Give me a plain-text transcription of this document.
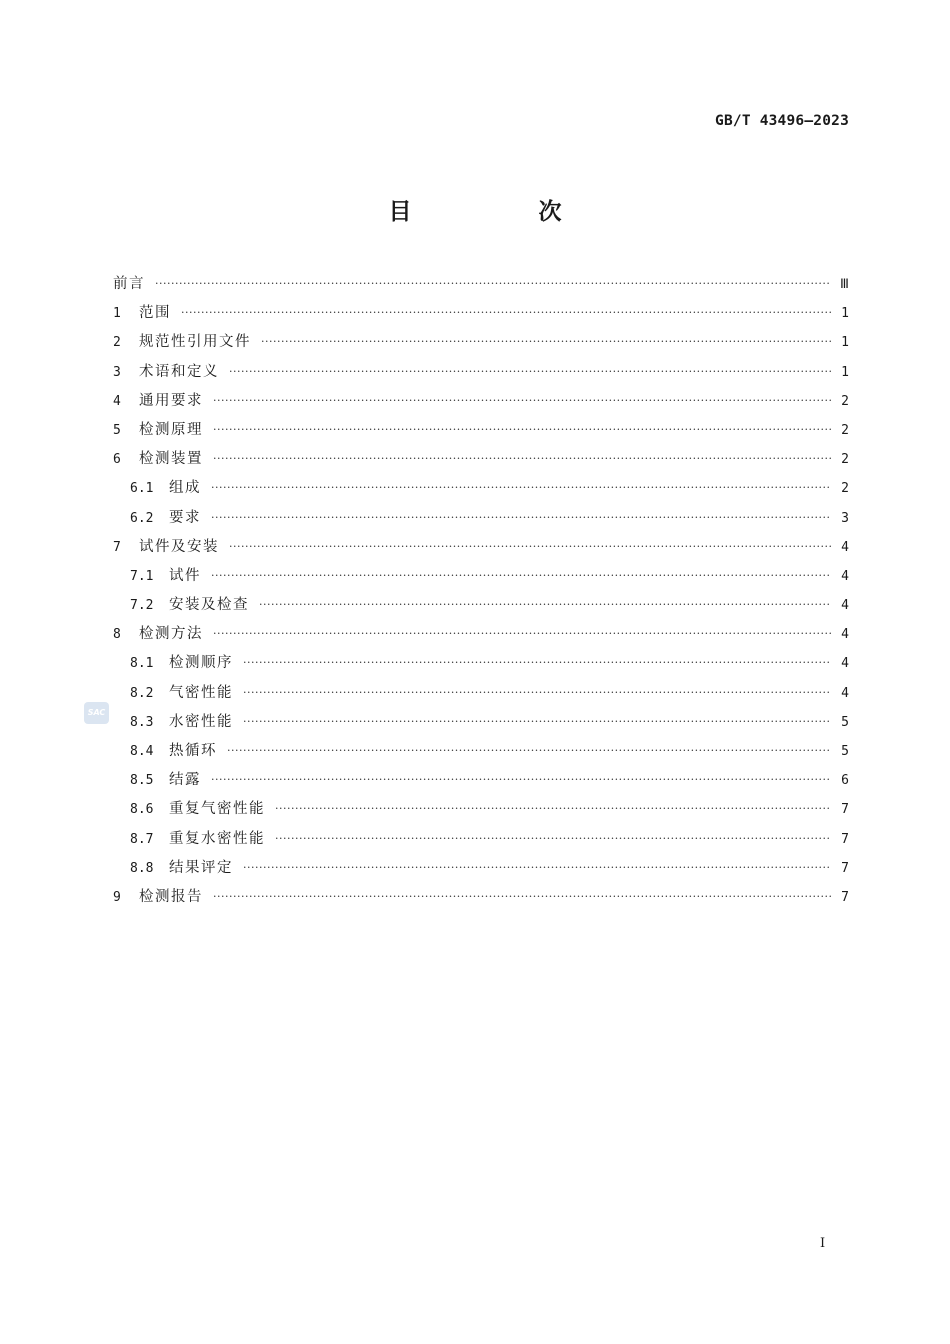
GB/T 43496—2023
目　次
前言 ·····	Ⅲ
1	范围 ·····	1
2	规范性引用文件 ·····	1
3	术语和定义 ·····	1
4	通用要求 ·····	2
5	检测原理 ·····	2
6	检测装置 ·····	2
6.1	组成 ·····	2
6.2	要求 ·····	3
7	试件及安装 ·····	4
7.1	试件 ·····	4
7.2	安装及检查 ·····	4
8	检测方法 ·····	4
8.1	检测顺序 ·····	4
8.2	气密性能 ·····	4
8.3	水密性能 ·····	5
8.4	热循环 ·····	5
8.5	结露 ·····	6
8.6	重复气密性能 ·····	7
8.7	重复水密性能 ·····	7
8.8	结果评定 ·····	7
9	检测报告 ·····	7
SAC
I
